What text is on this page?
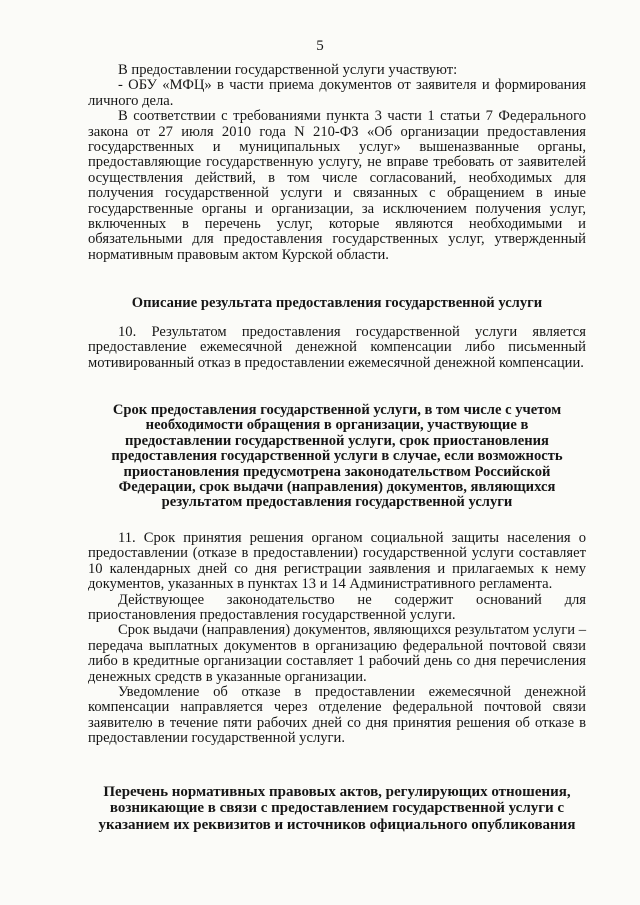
5

В предоставлении государственной услуги участвуют:

- ОБУ «МФЦ» в части приема документов от заявителя и формирования личного дела.

В соответствии с требованиями пункта 3 части 1 статьи 7 Федерального закона от 27 июля 2010 года N 210-ФЗ «Об организации предоставления государственных и муниципальных услуг» вышеназванные органы, предоставляющие государственную услугу, не вправе требовать от заявителей осуществления действий, в том числе согласований, необходимых для получения государственной услуги и связанных с обращением в иные государственные органы и организации, за исключением получения услуг, включенных в перечень услуг, которые являются необходимыми и обязательными для предоставления государственных услуг, утвержденный нормативным правовым актом Курской области.

Описание результата предоставления государственной услуги

10. Результатом предоставления государственной услуги является предоставление ежемесячной денежной компенсации либо письменный мотивированный отказ в предоставлении ежемесячной денежной компенсации.

Срок предоставления государственной услуги, в том числе с учетом необходимости обращения в организации, участвующие в предоставлении государственной услуги, срок приостановления предоставления государственной услуги в случае, если возможность приостановления предусмотрена законодательством Российской Федерации, срок выдачи (направления) документов, являющихся результатом предоставления государственной услуги

11. Срок принятия решения органом социальной защиты населения о предоставлении (отказе в предоставлении) государственной услуги составляет 10 календарных дней со дня регистрации заявления и прилагаемых к нему документов, указанных в пунктах 13 и 14 Административного регламента.

Действующее законодательство не содержит оснований для приостановления предоставления государственной услуги.

Срок выдачи (направления) документов, являющихся результатом услуги – передача выплатных документов в организацию федеральной почтовой связи либо в кредитные организации составляет 1 рабочий день со дня перечисления денежных средств в указанные организации.

Уведомление об отказе в предоставлении ежемесячной денежной компенсации направляется через отделение федеральной почтовой связи заявителю в течение пяти рабочих дней со дня принятия решения об отказе в предоставлении государственной услуги.

Перечень нормативных правовых актов, регулирующих отношения, возникающие в связи с предоставлением государственной услуги с указанием их реквизитов и источников официального опубликования
